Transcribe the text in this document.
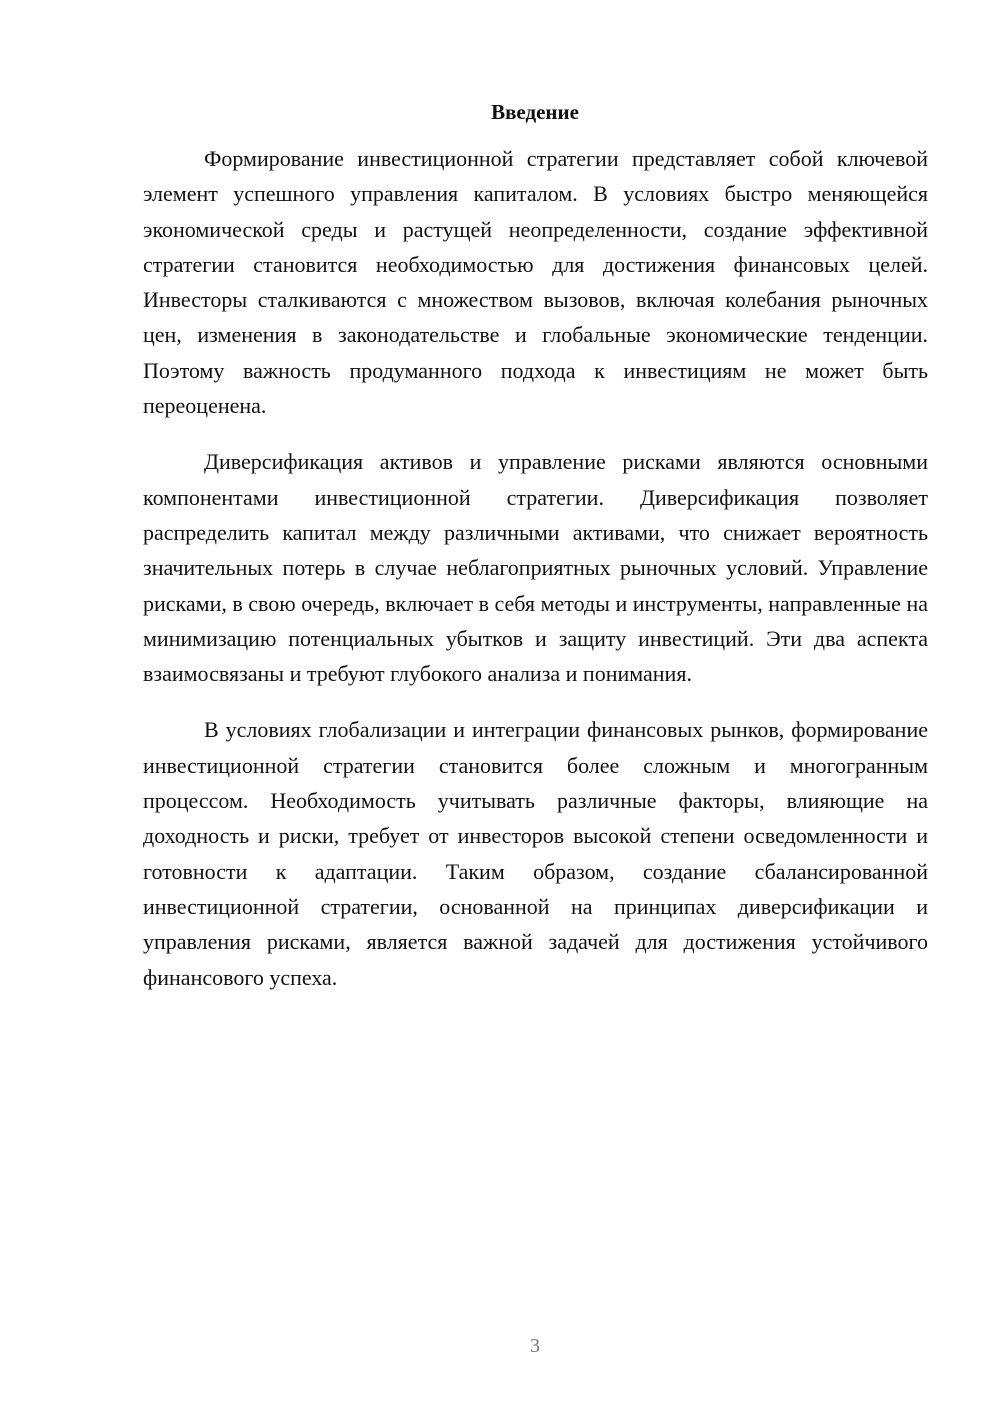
Введение

Формирование инвестиционной стратегии представляет собой ключевой элемент успешного управления капиталом. В условиях быстро меняющейся экономической среды и растущей неопределенности, создание эффективной стратегии становится необходимостью для достижения финансовых целей. Инвесторы сталкиваются с множеством вызовов, включая колебания рыночных цен, изменения в законодательстве и глобальные экономические тенденции. Поэтому важность продуманного подхода к инвестициям не может быть переоценена.

Диверсификация активов и управление рисками являются основными компонентами инвестиционной стратегии. Диверсификация позволяет распределить капитал между различными активами, что снижает вероятность значительных потерь в случае неблагоприятных рыночных условий. Управление рисками, в свою очередь, включает в себя методы и инструменты, направленные на минимизацию потенциальных убытков и защиту инвестиций. Эти два аспекта взаимосвязаны и требуют глубокого анализа и понимания.

В условиях глобализации и интеграции финансовых рынков, формирование инвестиционной стратегии становится более сложным и многогранным процессом. Необходимость учитывать различные факторы, влияющие на доходность и риски, требует от инвесторов высокой степени осведомленности и готовности к адаптации. Таким образом, создание сбалансированной инвестиционной стратегии, основанной на принципах диверсификации и управления рисками, является важной задачей для достижения устойчивого финансового успеха.

3
